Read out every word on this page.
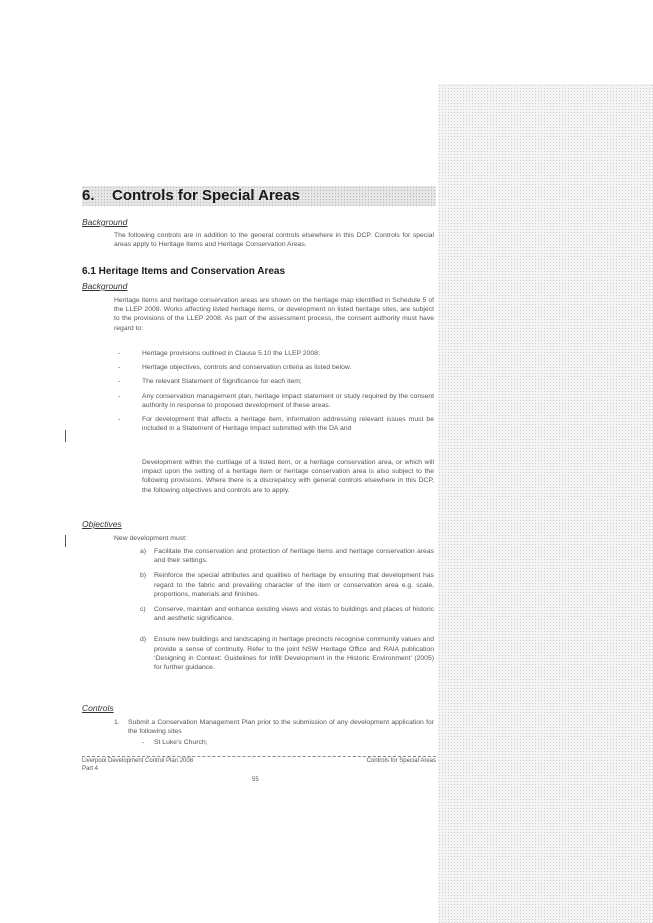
6. Controls for Special Areas

Background

The following controls are in addition to the general controls elsewhere in this DCP. Controls for special areas apply to Heritage Items and Heritage Conservation Areas.

6.1 Heritage Items and Conservation Areas

Background

Heritage items and heritage conservation areas are shown on the heritage map identified in Schedule 5 of the LLEP 2008. Works affecting listed heritage items, or development on listed heritage sites, are subject to the provisions of the LLEP 2008. As part of the assessment process, the consent authority must have regard to:

-	Heritage provisions outlined in Clause 5.10 the LLEP 2008;
-	Heritage objectives, controls and conservation criteria as listed below.
-	The relevant Statement of Significance for each item;
-	Any conservation management plan, heritage impact statement or study required by the consent authority in response to proposed development of these areas.
-	For development that affects a heritage item, information addressing relevant issues must be included in a Statement of Heritage Impact submitted with the DA and

Development within the curtilage of a listed item, or a heritage conservation area, or which will impact upon the setting of a heritage item or heritage conservation area is also subject to the following provisions. Where there is a discrepancy with general controls elsewhere in this DCP, the following objectives and controls are to apply.

Objectives

New development must:

a) Facilitate the conservation and protection of heritage items and heritage conservation areas and their settings.
b) Reinforce the special attributes and qualities of heritage by ensuring that development has regard to the fabric and prevailing character of the item or conservation area e.g. scale, proportions, materials and finishes.
c) Conserve, maintain and enhance existing views and vistas to buildings and places of historic and aesthetic significance.
d) Ensure new buildings and landscaping in heritage precincts recognise community values and provide a sense of continuity. Refer to the joint NSW Heritage Office and RAIA publication ‘Designing in Context: Guidelines for Infill Development in the Historic Environment’ (2005) for further guidance.

Controls

1. Submit a Conservation Management Plan prior to the submission of any development application for the following sites
- St Luke’s Church;
Liverpool Development Control Plan 2008
Part 4
Controls for Special Areas
55
